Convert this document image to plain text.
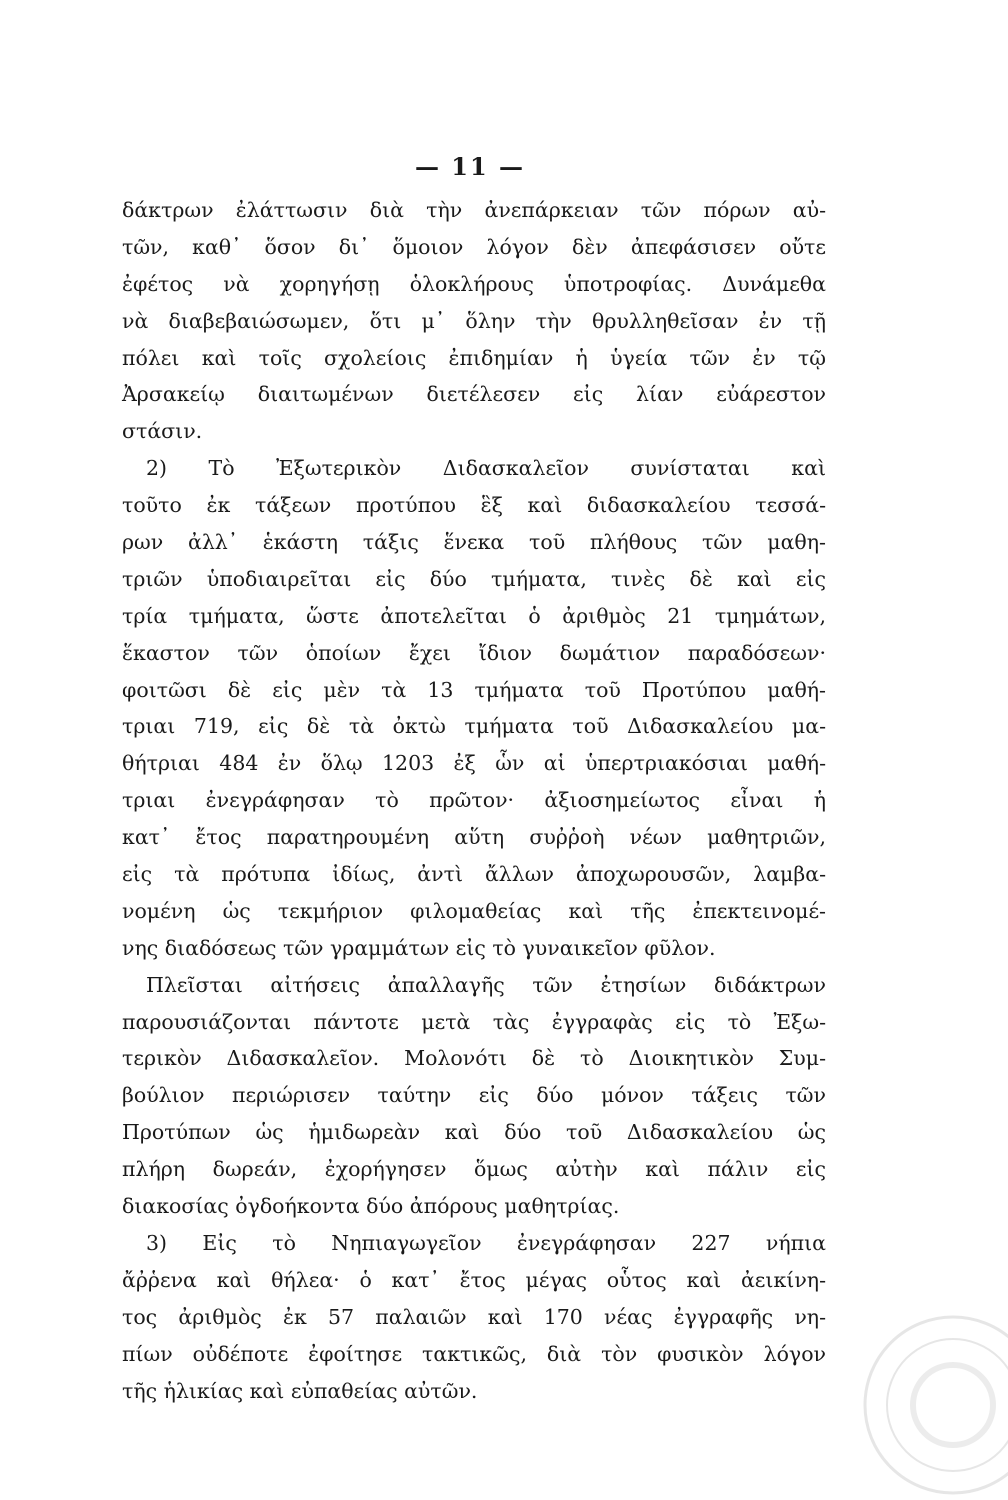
— 11 —
δάκτρων ἐλάττωσιν διὰ τὴν ἀνεπάρκειαν τῶν πόρων αὐ-
τῶν, καθ᾽ ὅσον δι᾽ ὅμοιον λόγον δὲν ἀπεφάσισεν οὔτε
ἐφέτος νὰ χορηγήσῃ ὁλοκλήρους ὑποτροφίας. Δυνάμεθα
νὰ διαβεβαιώσωμεν, ὅτι μ᾽ ὅλην τὴν θρυλληθεῖσαν ἐν τῇ
πόλει καὶ τοῖς σχολείοις ἐπιδημίαν ἡ ὑγεία τῶν ἐν τῷ
Ἀρσακείῳ διαιτωμένων διετέλεσεν εἰς λίαν εὐάρεστον
στάσιν.
2) Τὸ Ἐξωτερικὸν Διδασκαλεῖον συνίσταται καὶ
τοῦτο ἐκ τάξεων προτύπου ἓξ καὶ διδασκαλείου τεσσά-
ρων ἀλλ᾽ ἑκάστη τάξις ἕνεκα τοῦ πλήθους τῶν μαθη-
τριῶν ὑποδιαιρεῖται εἰς δύο τμήματα, τινὲς δὲ καὶ εἰς
τρία τμήματα, ὥστε ἀποτελεῖται ὁ ἀριθμὸς 21 τμημάτων,
ἕκαστον τῶν ὁποίων ἔχει ἴδιον δωμάτιον παραδόσεων·
φοιτῶσι δὲ εἰς μὲν τὰ 13 τμήματα τοῦ Προτύπου μαθή-
τριαι 719, εἰς δὲ τὰ ὀκτὼ τμήματα τοῦ Διδασκαλείου μα-
θήτριαι 484 ἐν ὅλῳ 1203 ἐξ ὧν αἱ ὑπερτριακόσιαι μαθή-
τριαι ἐνεγράφησαν τὸ πρῶτον· ἀξιοσημείωτος εἶναι ἡ
κατ᾽ ἔτος παρατηρουμένη αὕτη συῤῥοὴ νέων μαθητριῶν,
εἰς τὰ πρότυπα ἰδίως, ἀντὶ ἄλλων ἀποχωρουσῶν, λαμβα-
νομένη ὡς τεκμήριον φιλομαθείας καὶ τῆς ἐπεκτεινομέ-
νης διαδόσεως τῶν γραμμάτων εἰς τὸ γυναικεῖον φῦλον.
Πλεῖσται αἰτήσεις ἀπαλλαγῆς τῶν ἐτησίων διδάκτρων
παρουσιάζονται πάντοτε μετὰ τὰς ἐγγραφὰς εἰς τὸ Ἐξω-
τερικὸν Διδασκαλεῖον. Μολονότι δὲ τὸ Διοικητικὸν Συμ-
βούλιον περιώρισεν ταύτην εἰς δύο μόνον τάξεις τῶν
Προτύπων ὡς ἡμιδωρεὰν καὶ δύο τοῦ Διδασκαλείου ὡς
πλήρη δωρεάν, ἐχορήγησεν ὅμως αὐτὴν καὶ πάλιν εἰς
διακοσίας ὀγδοήκοντα δύο ἀπόρους μαθητρίας.
3) Εἰς τὸ Νηπιαγωγεῖον ἐνεγράφησαν 227 νήπια
ἄῤῥενα καὶ θήλεα· ὁ κατ᾽ ἔτος μέγας οὗτος καὶ ἀεικίνη-
τος ἀριθμὸς ἐκ 57 παλαιῶν καὶ 170 νέας ἐγγραφῆς νη-
πίων οὐδέποτε ἐφοίτησε τακτικῶς, διὰ τὸν φυσικὸν λόγον
τῆς ἡλικίας καὶ εὐπαθείας αὐτῶν.
